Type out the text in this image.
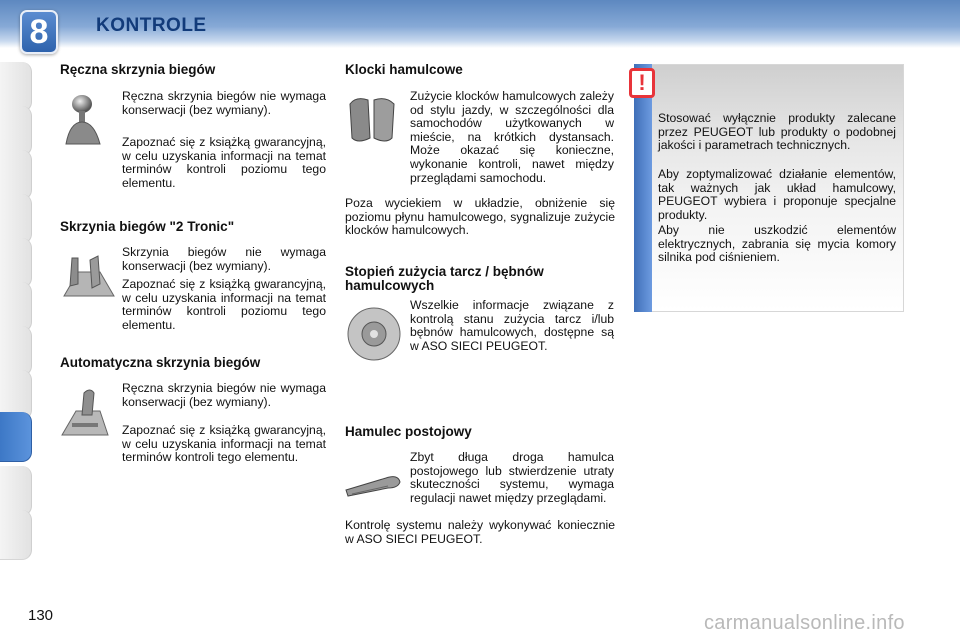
8	KONTROLE
Ręczna skrzynia biegów
Ręczna skrzynia biegów nie wymaga konserwacji (bez wymiany).
Zapoznać się z książką gwarancyjną, w celu uzyskania informacji na temat terminów kontroli poziomu tego elementu.
Skrzynia biegów "2 Tronic"
Skrzynia biegów nie wymaga konserwacji (bez wymiany).
Zapoznać się z książką gwarancyjną, w celu uzyskania informacji na temat terminów kontroli poziomu tego elementu.
Automatyczna skrzynia biegów
Ręczna skrzynia biegów nie wymaga konserwacji (bez wymiany).
Zapoznać się z książką gwarancyjną, w celu uzyskania informacji na temat terminów kontroli tego elementu.
Klocki hamulcowe
Zużycie klocków hamulcowych zależy od stylu jazdy, w szczególności dla samochodów użytkowanych w mieście, na krótkich dystansach. Może okazać się konieczne, wykonanie kontroli, nawet między przeglądami samochodu.
Poza wyciekiem w układzie, obniżenie się poziomu płynu hamulcowego, sygnalizuje zużycie klocków hamulcowych.
Stopień zużycia tarcz / bębnów
hamulcowych
Wszelkie informacje związane z kontrolą stanu zużycia tarcz i/lub bębnów hamulcowych, dostępne są w ASO SIECI PEUGEOT.
Hamulec postojowy
Zbyt długa droga hamulca postojowego lub stwierdzenie utraty skuteczności systemu, wymaga regulacji nawet między przeglądami.
Kontrolę systemu należy wykonywać koniecznie w ASO SIECI PEUGEOT.
!
Stosować wyłącznie produkty zalecane przez PEUGEOT lub produkty o podobnej jakości i parametrach technicznych.
Aby zoptymalizować działanie elementów, tak ważnych jak układ hamulcowy, PEUGEOT wybiera i proponuje specjalne produkty.
Aby nie uszkodzić elementów elektrycznych, zabrania się mycia komory silnika pod ciśnieniem.
130	carmanualsonline.info
